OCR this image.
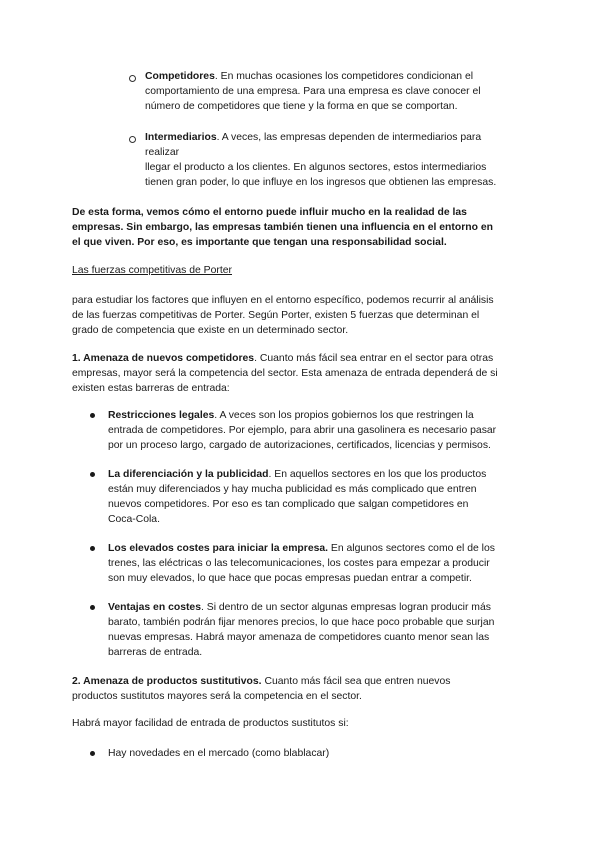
Competidores. En muchas ocasiones los competidores condicionan el
comportamiento de una empresa. Para una empresa es clave conocer el
número de competidores que tiene y la forma en que se comportan.
Intermediarios. A veces, las empresas dependen de intermediarios para
realizar
llegar el producto a los clientes. En algunos sectores, estos intermediarios
tienen gran poder, lo que influye en los ingresos que obtienen las empresas.
De esta forma, vemos cómo el entorno puede influir mucho en la realidad de las
empresas. Sin embargo, las empresas también tienen una influencia en el entorno en
el que viven. Por eso, es importante que tengan una responsabilidad social.
Las fuerzas competitivas de Porter
para estudiar los factores que influyen en el entorno específico, podemos recurrir al análisis
de las fuerzas competitivas de Porter. Según Porter, existen 5 fuerzas que determinan el
grado de competencia que existe en un determinado sector.
1. Amenaza de nuevos competidores. Cuanto más fácil sea entrar en el sector para otras
empresas, mayor será la competencia del sector. Esta amenaza de entrada dependerá de si
existen estas barreras de entrada:
Restricciones legales. A veces son los propios gobiernos los que restringen la
entrada de competidores. Por ejemplo, para abrir una gasolinera es necesario pasar
por un proceso largo, cargado de autorizaciones, certificados, licencias y permisos.
La diferenciación y la publicidad. En aquellos sectores en los que los productos
están muy diferenciados y hay mucha publicidad es más complicado que entren
nuevos competidores. Por eso es tan complicado que salgan competidores en
Coca-Cola.
Los elevados costes para iniciar la empresa. En algunos sectores como el de los
trenes, las eléctricas o las telecomunicaciones, los costes para empezar a producir
son muy elevados, lo que hace que pocas empresas puedan entrar a competir.
Ventajas en costes. Si dentro de un sector algunas empresas logran producir más
barato, también podrán fijar menores precios, lo que hace poco probable que surjan
nuevas empresas. Habrá mayor amenaza de competidores cuanto menor sean las
barreras de entrada.
2. Amenaza de productos sustitutivos. Cuanto más fácil sea que entren nuevos
productos sustitutos mayores será la competencia en el sector.
Habrá mayor facilidad de entrada de productos sustitutos si:
Hay novedades en el mercado (como blablacar)
